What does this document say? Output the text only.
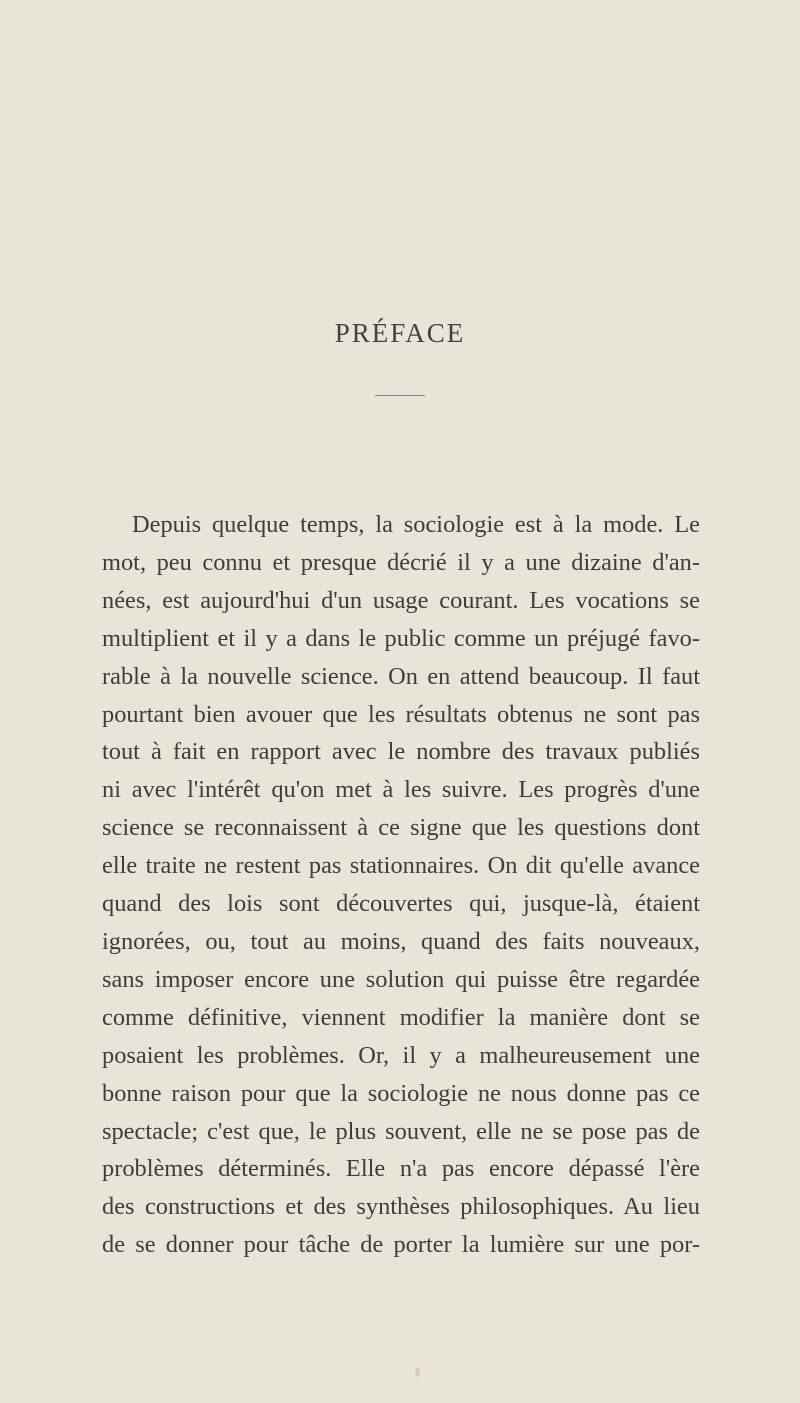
PRÉFACE

Depuis quelque temps, la sociologie est à la mode. Le
mot, peu connu et presque décrié il y a une dizaine d'an-
nées, est aujourd'hui d'un usage courant. Les vocations se
multiplient et il y a dans le public comme un préjugé favo-
rable à la nouvelle science. On en attend beaucoup. Il faut
pourtant bien avouer que les résultats obtenus ne sont pas
tout à fait en rapport avec le nombre des travaux publiés
ni avec l'intérêt qu'on met à les suivre. Les progrès d'une
science se reconnaissent à ce signe que les questions dont
elle traite ne restent pas stationnaires. On dit qu'elle avance
quand des lois sont découvertes qui, jusque-là, étaient
ignorées, ou, tout au moins, quand des faits nouveaux,
sans imposer encore une solution qui puisse être regardée
comme définitive, viennent modifier la manière dont se
posaient les problèmes. Or, il y a malheureusement une
bonne raison pour que la sociologie ne nous donne pas ce
spectacle; c'est que, le plus souvent, elle ne se pose pas de
problèmes déterminés. Elle n'a pas encore dépassé l'ère
des constructions et des synthèses philosophiques. Au lieu
de se donner pour tâche de porter la lumière sur une por-
